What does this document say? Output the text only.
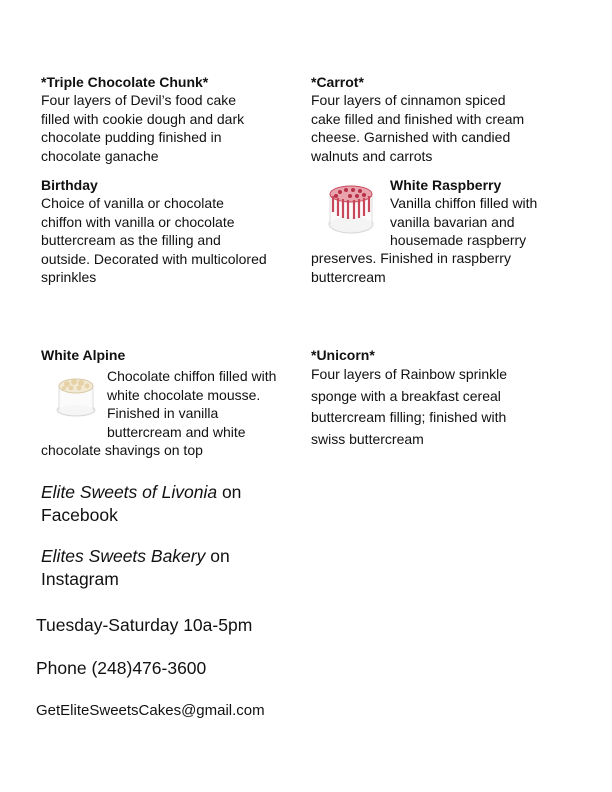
*Triple Chocolate Chunk*
Four layers of Devil’s food cake
filled with cookie dough and dark
chocolate pudding finished in
chocolate ganache
*Carrot*
Four layers of cinnamon spiced
cake filled and finished with cream
cheese. Garnished with candied
walnuts and carrots
Birthday
Choice of vanilla or chocolate
chiffon with vanilla or chocolate
buttercream as the filling and
outside. Decorated with multicolored
sprinkles
White Raspberry
Vanilla chiffon filled with
vanilla bavarian and
housemade raspberry
preserves. Finished in raspberry
buttercream
White Alpine
Chocolate chiffon filled with
white chocolate mousse.
Finished in vanilla
buttercream and white
chocolate shavings on top
*Unicorn*
Four layers of Rainbow sprinkle
sponge with a breakfast cereal
buttercream filling; finished with
swiss buttercream
Elite Sweets of Livonia on
Facebook
Elites Sweets Bakery on
Instagram
Tuesday-Saturday 10a-5pm
Phone (248)476-3600
GetEliteSweetsCakes@gmail.com
